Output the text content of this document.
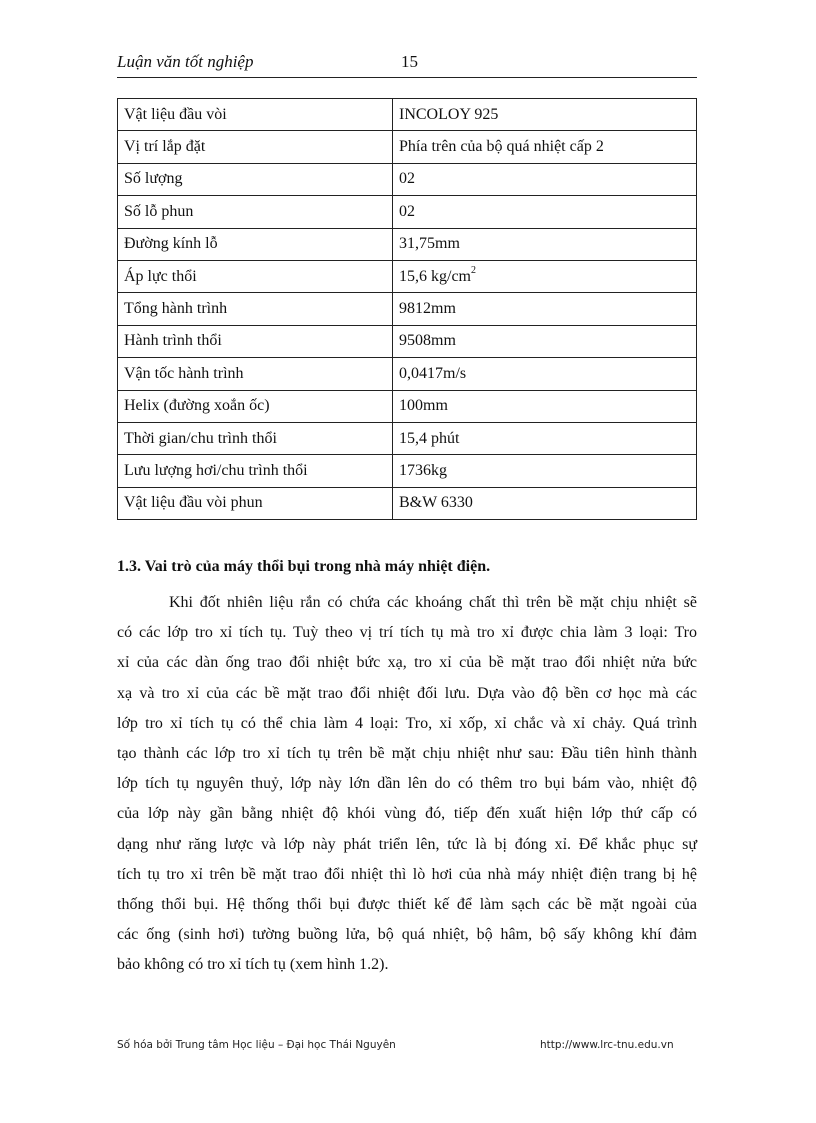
Luận văn tốt nghiệp	15
Vật liệu đầu vòi	INCOLOY 925
Vị trí lắp đặt	Phía trên của bộ quá nhiệt cấp 2
Số lượng	02
Số lỗ phun	02
Đường kính lỗ	31,75mm
Áp lực thổi	15,6 $kg/cm^2$
Tổng hành trình	9812mm
Hành trình thổi	9508mm
Vận tốc hành trình	0,0417m/s
Helix (đường xoắn ốc)	100mm
Thời gian/chu trình thổi	15,4 phút
Lưu lượng hơi/chu trình thổi	1736kg
Vật liệu đầu vòi phun	B&W 6330
1.3. Vai trò của máy thổi bụi trong nhà máy nhiệt điện.
Khi đốt nhiên liệu rắn có chứa các khoáng chất thì trên bề mặt chịu nhiệt sẽ
có các lớp tro xỉ tích tụ. Tuỳ theo vị trí tích tụ mà tro xỉ được chia làm 3 loại: Tro
xỉ của các dàn ống trao đổi nhiệt bức xạ, tro xỉ của bề mặt trao đổi nhiệt nửa bức
xạ và tro xỉ của các bề mặt trao đổi nhiệt đối lưu. Dựa vào độ bền cơ học mà các
lớp tro xỉ tích tụ có thể chia làm 4 loại: Tro, xỉ xốp, xỉ chắc và xỉ chảy. Quá trình
tạo thành các lớp tro xỉ tích tụ trên bề mặt chịu nhiệt như sau: Đầu tiên hình thành
lớp tích tụ nguyên thuỷ, lớp này lớn dần lên do có thêm tro bụi bám vào, nhiệt độ
của lớp này gần bằng nhiệt độ khói vùng đó, tiếp đến xuất hiện lớp thứ cấp có
dạng như răng lược và lớp này phát triển lên, tức là bị đóng xỉ. Để khắc phục sự
tích tụ tro xỉ trên bề mặt trao đổi nhiệt thì lò hơi của nhà máy nhiệt điện trang bị hệ
thống thổi bụi. Hệ thống thổi bụi được thiết kế để làm sạch các bề mặt ngoài của
các ống (sinh hơi) tường buồng lửa, bộ quá nhiệt, bộ hâm, bộ sấy không khí đảm
bảo không có tro xỉ tích tụ (xem hình 1.2).
Số hóa bởi Trung tâm Học liệu – Đại học Thái Nguyên	http://www.lrc-tnu.edu.vn
